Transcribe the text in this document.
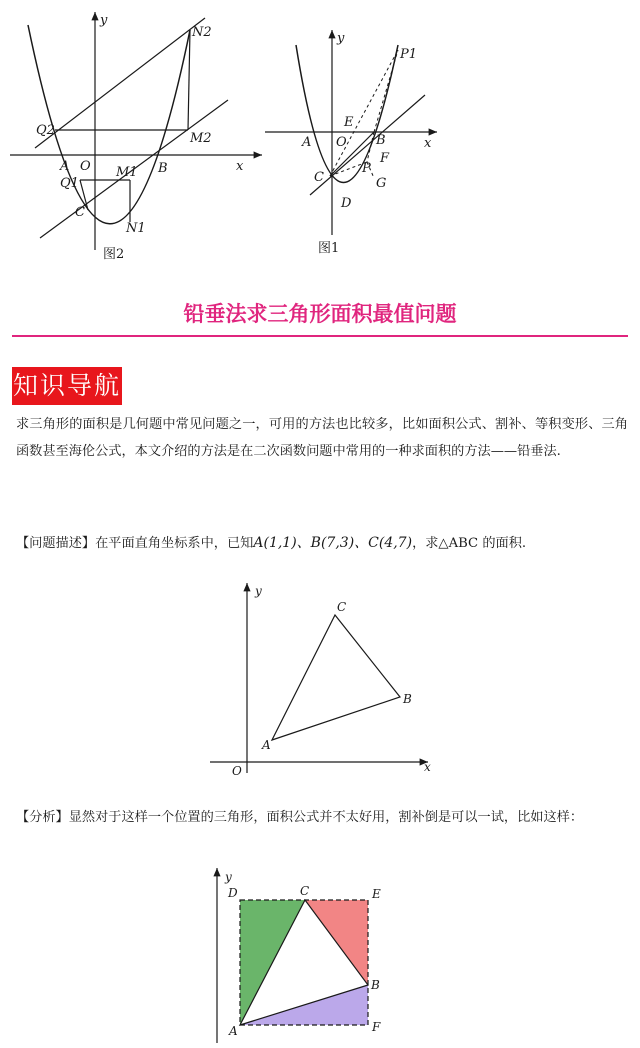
y
x
O
A	B
C
Q1
Q2
M1
M2
N1
N2
图2
y
x
O
A	B
C
D
E
F
G
P
P1
图1
铅垂法求三角形面积最值问题
知识导航
求三角形的面积是几何题中常见问题之一，可用的方法也比较多，比如面积公式、割补、等积变形、三角函数甚至海伦公式，本文介绍的方法是在二次函数问题中常用的一种求面积的方法——铅垂法.
【问题描述】在平面直角坐标系中，已知A(1,1)、B(7,3)、C(4,7)，求△ABC 的面积.
y
x
O
A
B
C
【分析】显然对于这样一个位置的三角形，面积公式并不太好用，割补倒是可以一试，比如这样：
y
D	C	E
B
A	F
